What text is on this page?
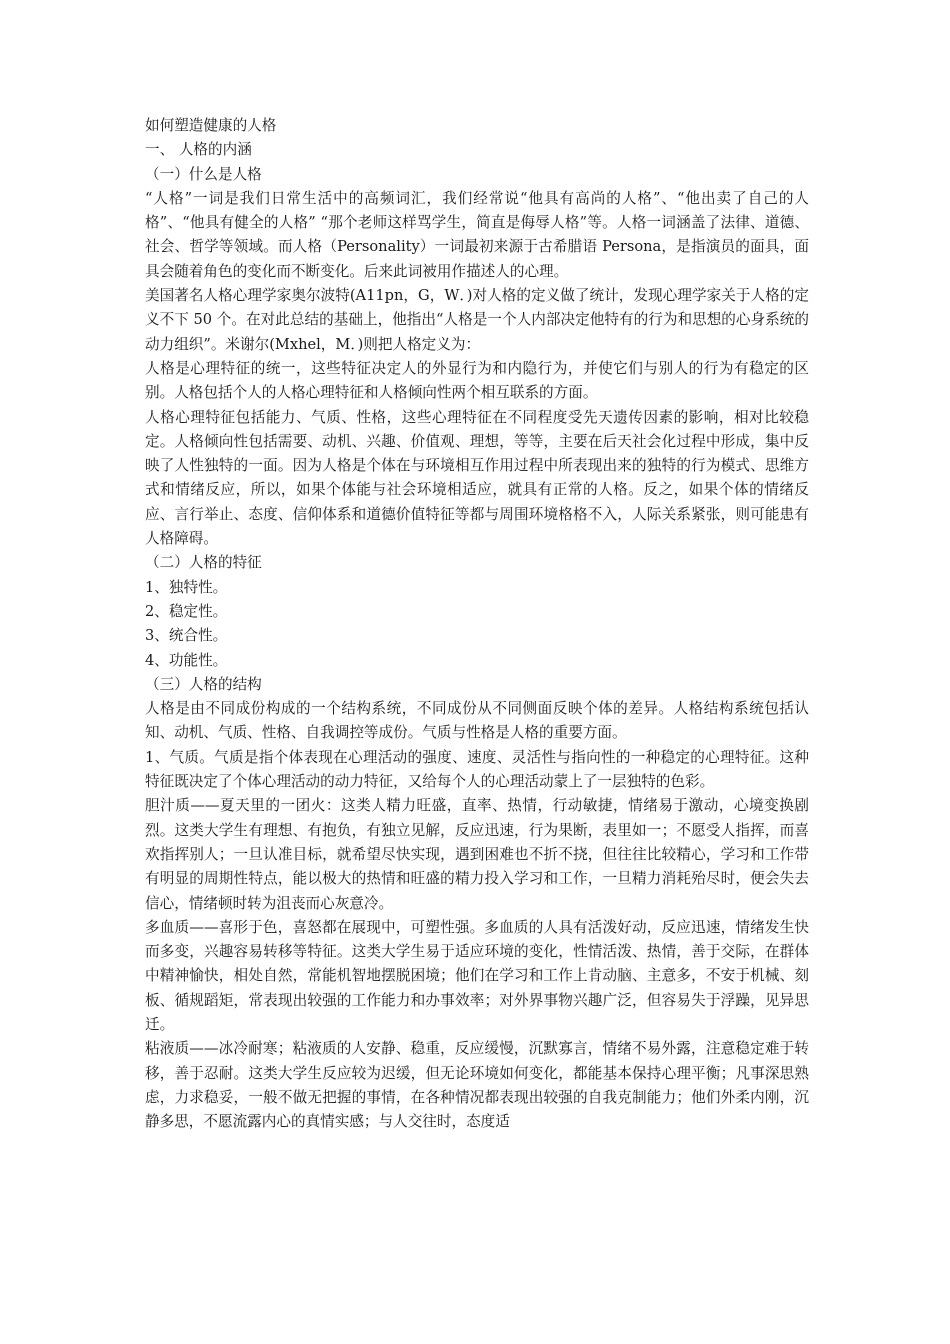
如何塑造健康的人格

一、 人格的内涵

（一）什么是人格

“人格”一词是我们日常生活中的高频词汇，我们经常说“他具有高尚的人格”、“他出卖了自己的人格”、“他具有健全的人格” “那个老师这样骂学生，简直是侮辱人格”等。人格一词涵盖了法律、道德、社会、哲学等领域。而人格（Personality）一词最初来源于古希腊语 Persona，是指演员的面具，面具会随着角色的变化而不断变化。后来此词被用作描述人的心理。

美国著名人格心理学家奥尔波特(A11pn，G，W．)对人格的定义做了统计，发现心理学家关于人格的定义不下 50 个。在对此总结的基础上，他指出“人格是一个人内部决定他特有的行为和思想的心身系统的动力组织”。米谢尔(Mxhel，M．)则把人格定义为：

人格是心理特征的统一，这些特征决定人的外显行为和内隐行为，并使它们与别人的行为有稳定的区别。人格包括个人的人格心理特征和人格倾向性两个相互联系的方面。

人格心理特征包括能力、气质、性格，这些心理特征在不同程度受先天遗传因素的影响，相对比较稳定。人格倾向性包括需要、动机、兴趣、价值观、理想，等等，主要在后天社会化过程中形成，集中反映了人性独特的一面。因为人格是个体在与环境相互作用过程中所表现出来的独特的行为模式、思维方式和情绪反应，所以，如果个体能与社会环境相适应，就具有正常的人格。反之，如果个体的情绪反应、言行举止、态度、信仰体系和道德价值特征等都与周围环境格格不入，人际关系紧张，则可能患有人格障碍。

（二）人格的特征

1、独特性。

2、稳定性。

3、统合性。

4、功能性。

（三）人格的结构

人格是由不同成份构成的一个结构系统，不同成份从不同侧面反映个体的差异。人格结构系统包括认知、动机、气质、性格、自我调控等成份。气质与性格是人格的重要方面。

1、气质。气质是指个体表现在心理活动的强度、速度、灵活性与指向性的一种稳定的心理特征。这种特征既决定了个体心理活动的动力特征，又给每个人的心理活动蒙上了一层独特的色彩。

胆汁质——夏天里的一团火：这类人精力旺盛，直率、热情，行动敏捷，情绪易于激动，心境变换剧烈。这类大学生有理想、有抱负，有独立见解，反应迅速，行为果断，表里如一；不愿受人指挥，而喜欢指挥别人；一旦认准目标，就希望尽快实现，遇到困难也不折不挠，但往往比较精心，学习和工作带有明显的周期性特点，能以极大的热情和旺盛的精力投入学习和工作，一旦精力消耗殆尽时，便会失去信心，情绪顿时转为沮丧而心灰意冷。

多血质——喜形于色，喜怒都在展现中，可塑性强。多血质的人具有活泼好动，反应迅速，情绪发生快而多变，兴趣容易转移等特征。这类大学生易于适应环境的变化，性情活泼、热情，善于交际，在群体中精神愉快，相处自然，常能机智地摆脱困境；他们在学习和工作上肯动脑、主意多，不安于机械、刻板、循规蹈矩，常表现出较强的工作能力和办事效率；对外界事物兴趣广泛，但容易失于浮躁，见异思迁。

粘液质——冰冷耐寒；粘液质的人安静、稳重，反应缓慢，沉默寡言，情绪不易外露，注意稳定难于转移，善于忍耐。这类大学生反应较为迟缓，但无论环境如何变化，都能基本保持心理平衡；凡事深思熟虑，力求稳妥，一般不做无把握的事情，在各种情况都表现出较强的自我克制能力；他们外柔内刚，沉静多思，不愿流露内心的真情实感；与人交往时，态度适
